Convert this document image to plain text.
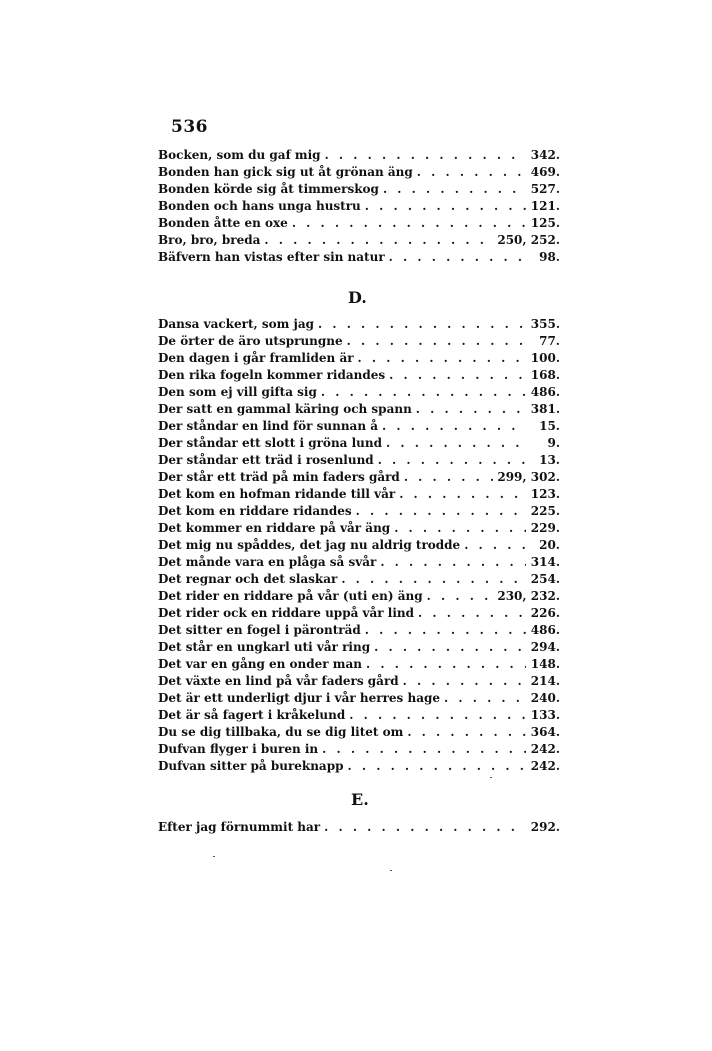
536
Bocken, som du gaf mig . . .	342.
Bonden han gick sig ut åt grönan äng . . .	469.
Bonden körde sig åt timmerskog . . .	527.
Bonden och hans unga hustru . . .	121.
Bonden åtte en oxe . . .	125.
Bro, bro, breda . . .	250, 252.
Bäfvern han vistas efter sin natur . . .	98.
D.
Dansa vackert, som jag . . .	355.
De örter de äro utsprungne . . .	77.
Den dagen i går framliden är . . .	100.
Den rika fogeln kommer ridandes . . .	168.
Den som ej vill gifta sig . . .	486.
Der satt en gammal käring och spann . . .	381.
Der ståndar en lind för sunnan å . . .	15.
Der ståndar ett slott i gröna lund . . .	9.
Der ståndar ett träd i rosenlund . . .	13.
Der står ett träd på min faders gård . . .	299, 302.
Det kom en hofman ridande till vår . . .	123.
Det kom en riddare ridandes . . .	225.
Det kommer en riddare på vår äng . . .	229.
Det mig nu spåddes, det jag nu aldrig trodde . . .	20.
Det månde vara en plåga så svår . . .	314.
Det regnar och det slaskar . . .	254.
Det rider en riddare på vår (uti en) äng . . .	230, 232.
Det rider ock en riddare uppå vår lind . . .	226.
Det sitter en fogel i päronträd . . .	486.
Det står en ungkarl uti vår ring . . .	294.
Det var en gång en onder man . . .	148.
Det växte en lind på vår faders gård . . .	214.
Det är ett underligt djur i vår herres hage . . .	240.
Det är så fagert i kråkelund . . .	133.
Du se dig tillbaka, du se dig litet om . . .	364.
Dufvan flyger i buren in . . .	242.
Dufvan sitter på bureknapp . . .	242.
E.
Efter jag förnummit har . . .	292.
